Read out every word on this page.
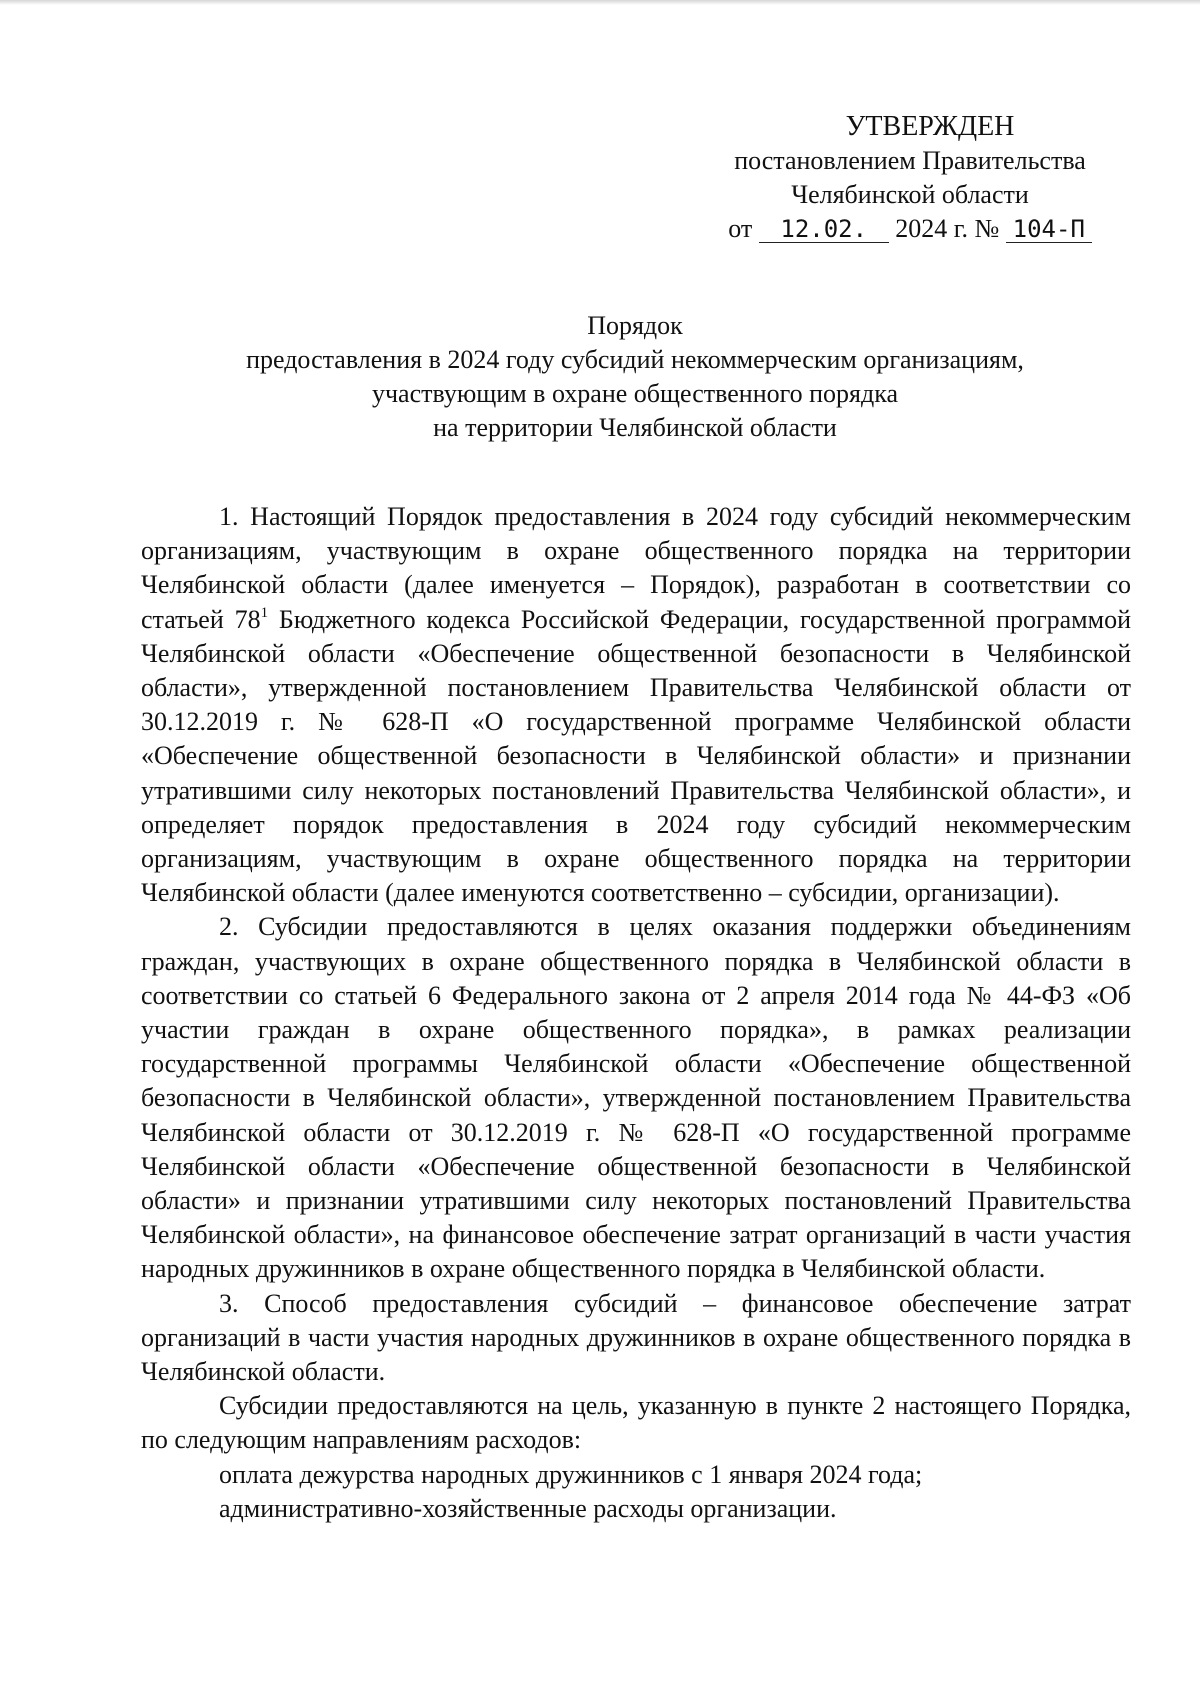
УТВЕРЖДЕН
постановлением Правительства
Челябинской области
от 12.02. 2024 г. № 104-П
Порядок
предоставления в 2024 году субсидий некоммерческим организациям,
участвующим в охране общественного порядка
на территории Челябинской области

1. Настоящий Порядок предоставления в 2024 году субсидий некоммерческим организациям, участвующим в охране общественного порядка на территории Челябинской области (далее именуется – Порядок), разработан в соответствии со статьей $78^1$ Бюджетного кодекса Российской Федерации, государственной программой Челябинской области «Обеспечение общественной безопасности в Челябинской области», утвержденной постановлением Правительства Челябинской области от 30.12.2019 г. № 628-П «О государственной программе Челябинской области «Обеспечение общественной безопасности в Челябинской области» и признании утратившими силу некоторых постановлений Правительства Челябинской области», и определяет порядок предоставления в 2024 году субсидий некоммерческим организациям, участвующим в охране общественного порядка на территории Челябинской области (далее именуются соответственно – субсидии, организации).

2. Субсидии предоставляются в целях оказания поддержки объединениям граждан, участвующих в охране общественного порядка в Челябинской области в соответствии со статьей 6 Федерального закона от 2 апреля 2014 года № 44-ФЗ «Об участии граждан в охране общественного порядка», в рамках реализации государственной программы Челябинской области «Обеспечение общественной безопасности в Челябинской области», утвержденной постановлением Правительства Челябинской области от 30.12.2019 г. № 628-П «О государственной программе Челябинской области «Обеспечение общественной безопасности в Челябинской области» и признании утратившими силу некоторых постановлений Правительства Челябинской области», на финансовое обеспечение затрат организаций в части участия народных дружинников в охране общественного порядка в Челябинской области.

3. Способ предоставления субсидий – финансовое обеспечение затрат организаций в части участия народных дружинников в охране общественного порядка в Челябинской области.

Субсидии предоставляются на цель, указанную в пункте 2 настоящего Порядка, по следующим направлениям расходов:

оплата дежурства народных дружинников с 1 января 2024 года;

административно-хозяйственные расходы организации.
